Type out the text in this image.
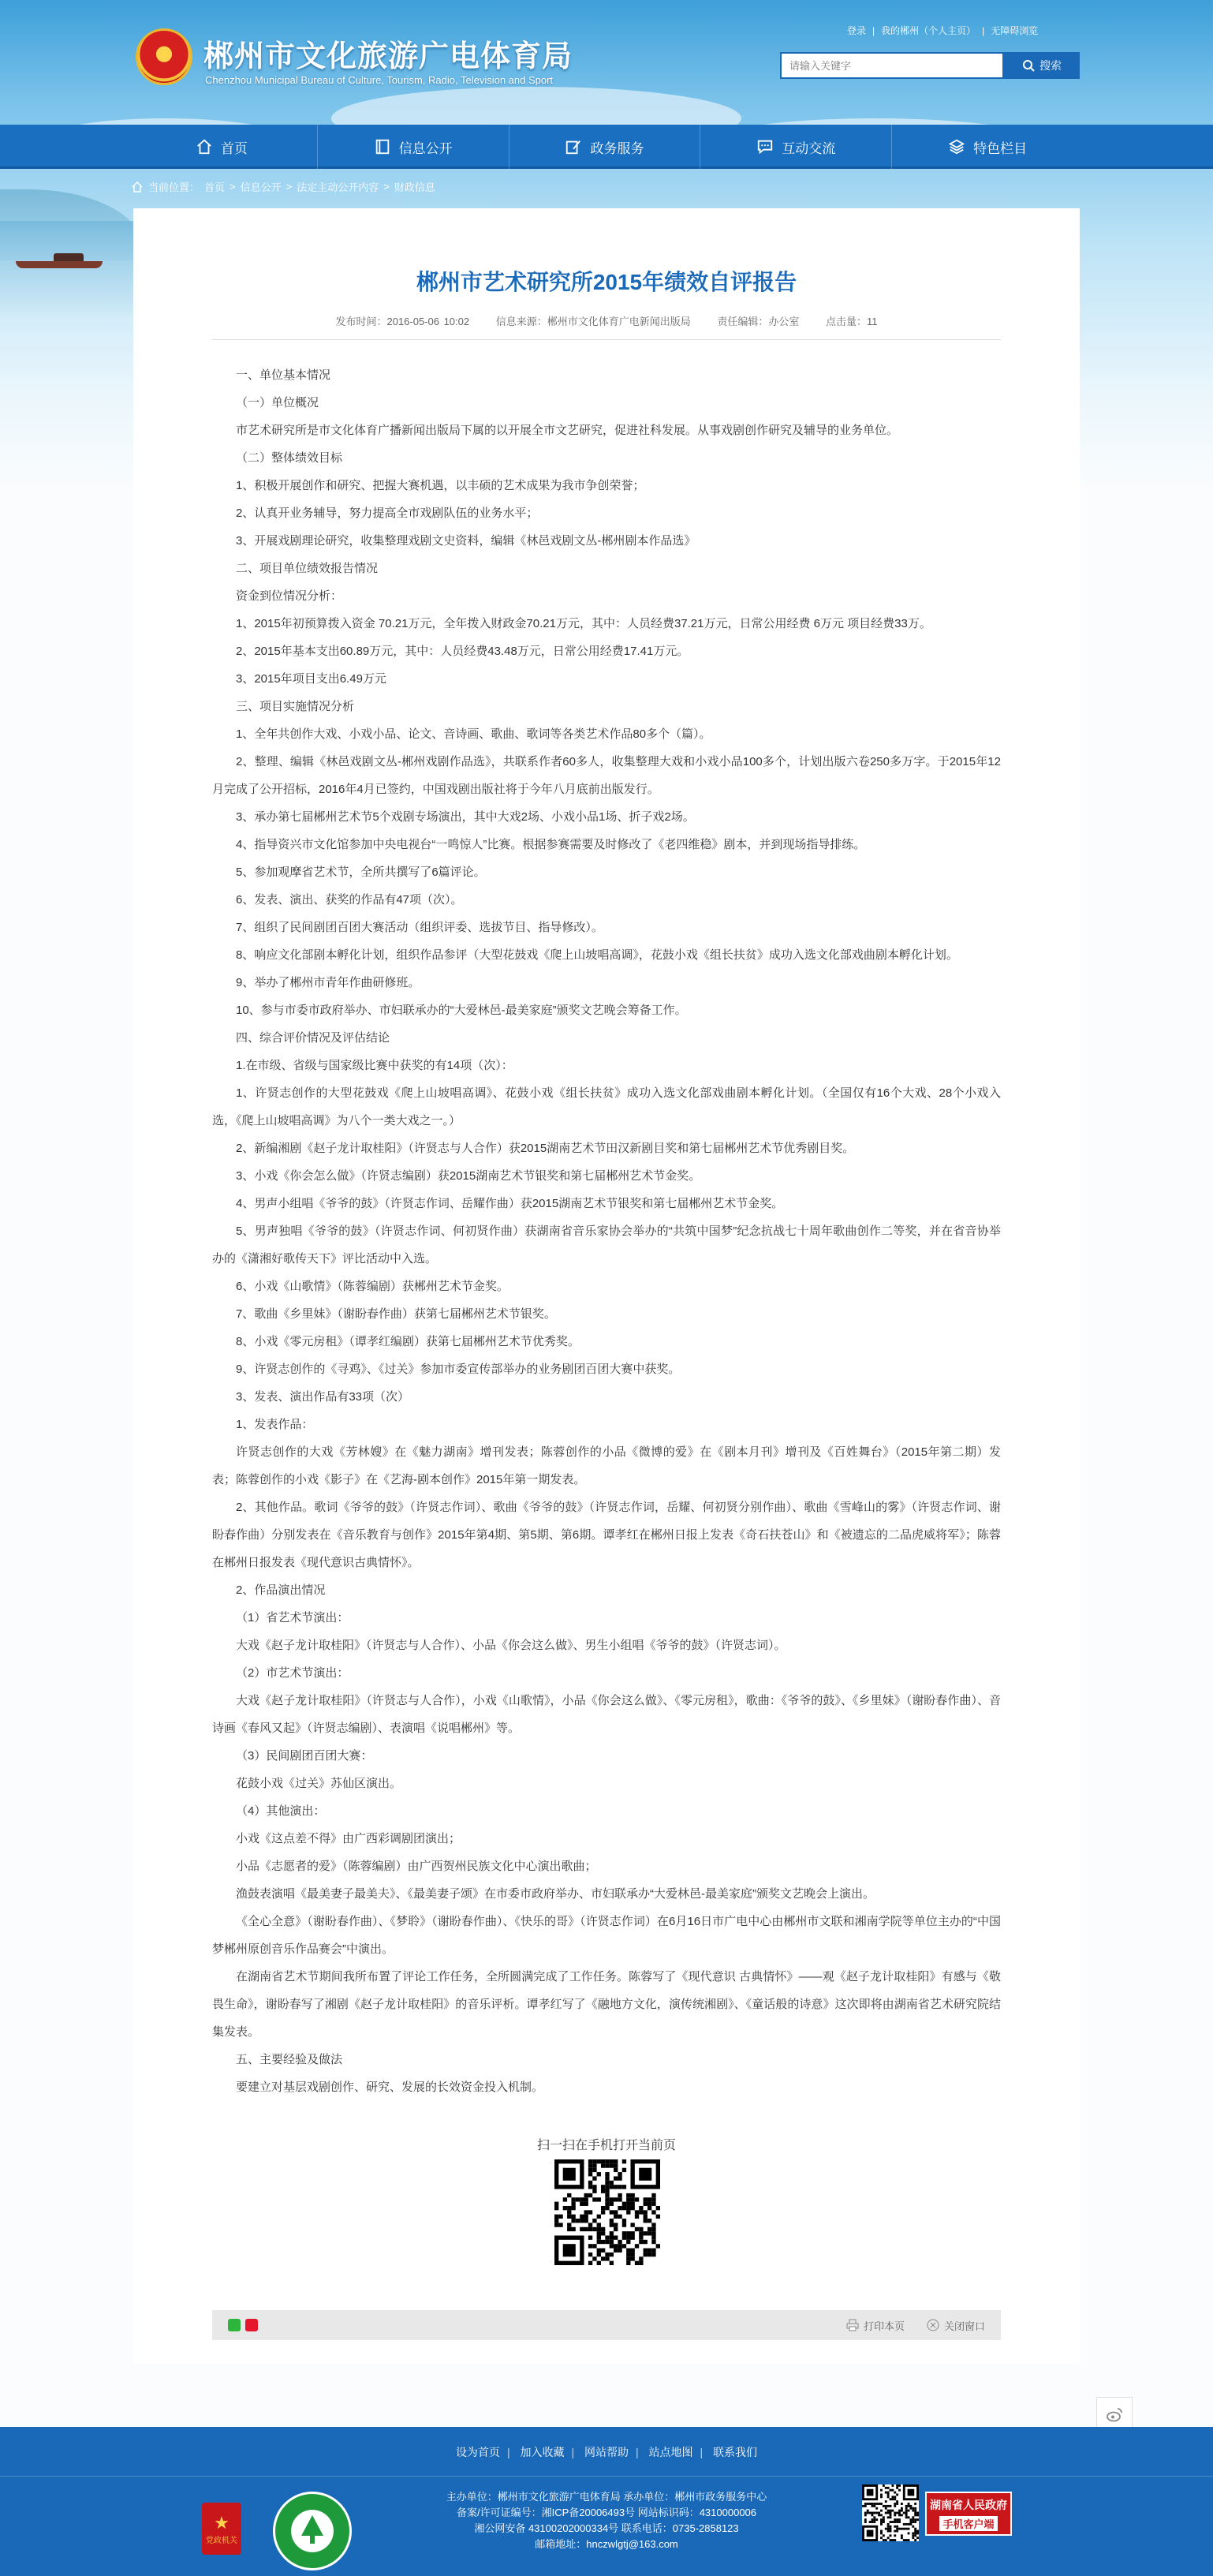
★ 郴州市文化旅游广电体育局
Chenzhou Municipal Bureau of Culture, Tourism, Radio, Television and Sport
登录 | 我的郴州（个人主页） | 无障碍浏览
请输入关键字
搜索
首页	信息公开	政务服务	互动交流	特色栏目
当前位置： 首页 > 信息公开 > 法定主动公开内容 > 财政信息
郴州市艺术研究所2015年绩效自评报告
发布时间：2016-05-06 10:02	信息来源：郴州市文化体育广电新闻出版局	责任编辑：办公室	点击量：11

一、单位基本情况

（一）单位概况

市艺术研究所是市文化体育广播新闻出版局下属的以开展全市文艺研究，促进社科发展。从事戏剧创作研究及辅导的业务单位。

（二）整体绩效目标

1、积极开展创作和研究、把握大赛机遇，以丰硕的艺术成果为我市争创荣誉；

2、认真开业务辅导，努力提高全市戏剧队伍的业务水平；

3、开展戏剧理论研究，收集整理戏剧文史资料，编辑《林邑戏剧文丛-郴州剧本作品选》

二、项目单位绩效报告情况

资金到位情况分析：

1、2015年初预算拨入资金 70.21万元，全年拨入财政金70.21万元，其中：人员经费37.21万元，日常公用经费 6万元 项目经费33万。

2、2015年基本支出60.89万元，其中：人员经费43.48万元，日常公用经费17.41万元。

3、2015年项目支出6.49万元

三、项目实施情况分析

1、全年共创作大戏、小戏小品、论文、音诗画、歌曲、歌词等各类艺术作品80多个（篇）。

2、整理、编辑《林邑戏剧文丛-郴州戏剧作品选》，共联系作者60多人，收集整理大戏和小戏小品100多个，计划出版六卷250多万字。于2015年12月完成了公开招标，2016年4月已签约，中国戏剧出版社将于今年八月底前出版发行。

3、承办第七届郴州艺术节5个戏剧专场演出，其中大戏2场、小戏小品1场、折子戏2场。

4、指导资兴市文化馆参加中央电视台“一鸣惊人”比赛。根据参赛需要及时修改了《老四维稳》剧本，并到现场指导排练。

5、参加观摩省艺术节，全所共撰写了6篇评论。

6、发表、演出、获奖的作品有47项（次）。

7、组织了民间剧团百团大赛活动（组织评委、选拔节目、指导修改）。

8、响应文化部剧本孵化计划，组织作品参评（大型花鼓戏《爬上山坡唱高调》，花鼓小戏《组长扶贫》成功入选文化部戏曲剧本孵化计划。

9、举办了郴州市青年作曲研修班。

10、参与市委市政府举办、市妇联承办的“大爱林邑-最美家庭”颁奖文艺晚会筹备工作。

四、综合评价情况及评估结论

1.在市级、省级与国家级比赛中获奖的有14项（次）：

1、许贤志创作的大型花鼓戏《爬上山坡唱高调》、花鼓小戏《组长扶贫》成功入选文化部戏曲剧本孵化计划。（全国仅有16个大戏、28个小戏入选，《爬上山坡唱高调》为八个一类大戏之一。）

2、新编湘剧《赵子龙计取桂阳》（许贤志与人合作）获2015湖南艺术节田汉新剧目奖和第七届郴州艺术节优秀剧目奖。

3、小戏《你会怎么做》（许贤志编剧）获2015湖南艺术节银奖和第七届郴州艺术节金奖。

4、男声小组唱《爷爷的鼓》（许贤志作词、岳耀作曲）获2015湖南艺术节银奖和第七届郴州艺术节金奖。

5、男声独唱《爷爷的鼓》（许贤志作词、何初贤作曲）获湖南省音乐家协会举办的“共筑中国梦”纪念抗战七十周年歌曲创作二等奖，并在省音协举办的《潇湘好歌传天下》评比活动中入选。

6、小戏《山歌情》（陈蓉编剧）获郴州艺术节金奖。

7、歌曲《乡里妹》（谢盼春作曲）获第七届郴州艺术节银奖。

8、小戏《零元房租》（谭孝红编剧）获第七届郴州艺术节优秀奖。

9、许贤志创作的《寻鸡》、《过关》参加市委宣传部举办的业务剧团百团大赛中获奖。

3、发表、演出作品有33项（次）

1、发表作品：

许贤志创作的大戏《芳林嫂》在《魅力湖南》增刊发表；陈蓉创作的小品《微博的爱》在《剧本月刊》增刊及《百姓舞台》（2015年第二期）发表；陈蓉创作的小戏《影子》在《艺海-剧本创作》2015年第一期发表。

2、其他作品。歌词《爷爷的鼓》（许贤志作词）、歌曲《爷爷的鼓》（许贤志作词，岳耀、何初贤分别作曲）、歌曲《雪峰山的雾》（许贤志作词、谢盼春作曲）分别发表在《音乐教育与创作》2015年第4期、第5期、第6期。谭孝红在郴州日报上发表《奇石扶苍山》和《被遗忘的二品虎威将军》；陈蓉在郴州日报发表《现代意识古典情怀》。

2、作品演出情况

（1）省艺术节演出：

大戏《赵子龙计取桂阳》（许贤志与人合作）、小品《你会这么做》、男生小组唱《爷爷的鼓》（许贤志词）。

（2）市艺术节演出：

大戏《赵子龙计取桂阳》（许贤志与人合作），小戏《山歌情》，小品《你会这么做》、《零元房租》，歌曲：《爷爷的鼓》、《乡里妹》（谢盼春作曲）、音诗画《春风又起》（许贤志编剧）、表演唱《说唱郴州》等。

（3）民间剧团百团大赛：

花鼓小戏《过关》苏仙区演出。

（4）其他演出：

小戏《这点差不得》由广西彩调剧团演出；

小品《志愿者的爱》（陈蓉编剧）由广西贺州民族文化中心演出歌曲；

渔鼓表演唱《最美妻子最美夫》、《最美妻子颂》在市委市政府举办、市妇联承办“大爱林邑-最美家庭”颁奖文艺晚会上演出。

《全心全意》（谢盼春作曲）、《梦聆》（谢盼春作曲）、《快乐的哥》（许贤志作词）在6月16日市广电中心由郴州市文联和湘南学院等单位主办的“中国梦郴州原创音乐作品赛会”中演出。

在湖南省艺术节期间我所布置了评论工作任务，全所圆满完成了工作任务。陈蓉写了《现代意识 古典情怀》——观《赵子龙计取桂阳》有感与《敬畏生命》，谢盼春写了湘剧《赵子龙计取桂阳》的音乐评析。谭孝红写了《融地方文化，演传统湘剧》、《童话般的诗意》这次即将由湖南省艺术研究院结集发表。

五、主要经验及做法

要建立对基层戏剧创作、研究、发展的长效资金投入机制。

扫一扫在手机打开当前页
打印本页	关闭窗口
设为首页 | 加入收藏 | 网站帮助 | 站点地图 | 联系我们
★
党政机关
主办单位：郴州市文化旅游广电体育局 承办单位：郴州市政务服务中心
备案/许可证编号：湘ICP备20006493号 网站标识码：4310000006
湘公网安备 43100202000334号 联系电话：0735-2858123
邮箱地址：hnczwlgtj@163.com
湖南省人民政府
手机客户端
